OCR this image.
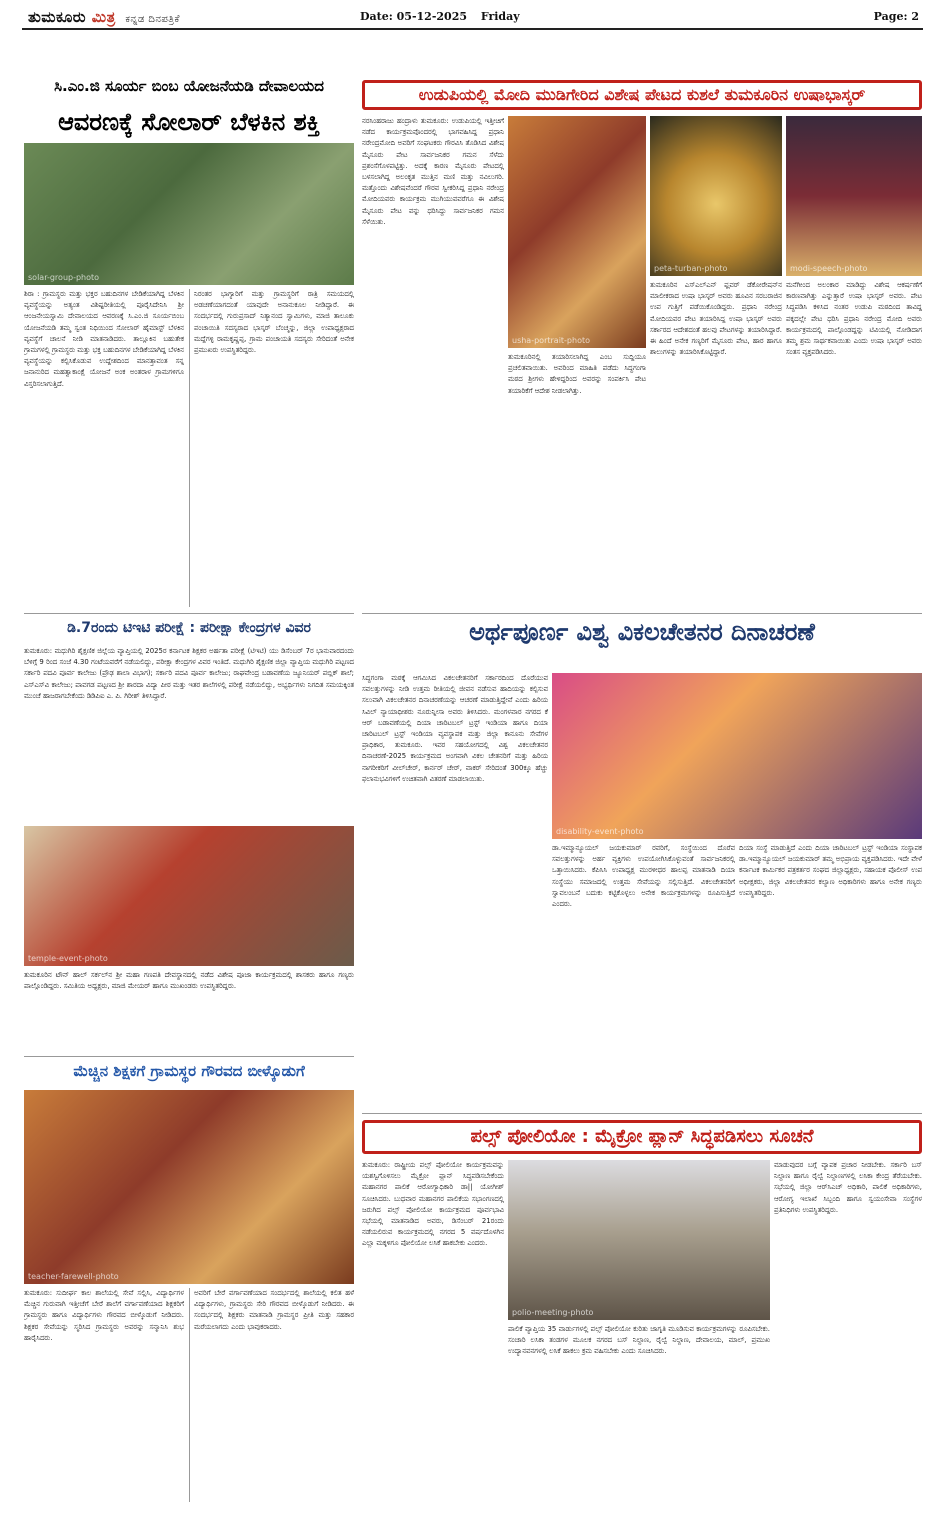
ತುಮಕೂರು ಮಿತ್ರ ಕನ್ನಡ ದಿನಪತ್ರಿಕೆ	Date: 05-12-2025 Friday	Page: 2
ಸಿ.ಎಂ.ಜಿ ಸೂರ್ಯ ಬಿಂಬ ಯೋಜನೆಯಡಿ ದೇವಾಲಯದ
ಆವರಣಕ್ಕೆ ಸೋಲಾರ್ ಬೆಳಕಿನ ಶಕ್ತಿ
solar-group-photo
ಶಿರಾ : ಗ್ರಾಮಸ್ಥರು ಮತ್ತು ಭಕ್ತರ ಬಹುದಿನಗಳ ಬೇಡಿಕೆಯಾಗಿದ್ದ ಬೆಳಕಿನ ವ್ಯವಸ್ಥೆಯನ್ನು ಅತ್ಯಂತ ವಿಶಿಷ್ಟರೀತಿಯಲ್ಲಿ ಪೂರೈಸಿದೇನಿಸಿ ಶ್ರೀ ಆಂಜನೇಯಸ್ವಾಮಿ ದೇವಾಲಯದ ಆವರಣಕ್ಕೆ ಸಿ.ಎಂ.ಜಿ ಸೂರ್ಯಬಿಂಬ ಯೋಜನೆಯಡಿ ತಮ್ಮ ಸ್ವಂತ ನಿಧಿಯಿಂದ ಸೋಲಾರ್ ಹೈಮಾಸ್ಟ್ ಬೆಳಕಿನ ವ್ಯವಸ್ಥೆಗೆ ಚಾಲನೆ ನೀಡಿ ಮಾತನಾಡಿದರು. ತಾಲ್ಲೂಕಿನ ಬಹುತೇಕ ಗ್ರಾಮಗಳಲ್ಲಿ ಗ್ರಾಮಸ್ಥರು ಮತ್ತು ಭಕ್ತ ಬಹುದಿನಗಳ ಬೇಡಿಕೆಯಾಗಿದ್ದ ಬೆಳಕಿನ ವ್ಯವಸ್ಥೆಯನ್ನು ಕಲ್ಪಿಸಿಕೊಡುವ ಉದ್ದೇಶದಿಂದ ಮಾನತ್ತಾವಂತ ಸನ್ನ ಜನಾನುರಿದ ಮಹತ್ವಾಕಾಂಕ್ಷೆ ಯೋಜನೆ ಅಂಕ ಅಂತರಾಳ ಗ್ರಾಮಗಳಿಗೂ ವಿಸ್ತರಿಸಲಾಗುತ್ತಿದೆ.
ನಿರಂತರ ಭಾಗ್ಯಾರಿಗೆ ಮತ್ತು ಗ್ರಾಮಸ್ಥರಿಗೆ ರಾತ್ರಿ ಸಮಯದಲ್ಲಿ ಅಡಚಣೆಯಾಗದಂತೆ ಯಾವುದೇ ಅನಾನುಕೂಲ ನೀಡಿದ್ದಾರೆ. ಈ ಸಂದರ್ಭದಲ್ಲಿ ಗುರುಪ್ರಸಾದ್ ನಿತ್ಯಾನಂದ ಸ್ವಾಮಿಗಳು, ಮಾಜಿ ತಾಲೂಕು ಪಂಚಾಯಿತಿ ಸದಸ್ಯರಾದ ಭಾಸ್ಕರ್ ಬೆಂಚ್ಮನ್ನು, ಜಿಲ್ಲಾ ಉಪಾಧ್ಯಕ್ಷರಾದ ಮದ್ದೆಗಳ್ಳಿ ರಾಮಕೃಷ್ಣಪ್ಪ, ಗ್ರಾಮ ಪಂಚಾಯತಿ ಸದಸ್ಯರು ಸೇರಿದಂತೆ ಅನೇಕ ಪ್ರಮುಖರು ಉಪಸ್ಥಿತರಿದ್ದರು.
ಉಡುಪಿಯಲ್ಲಿ ಮೋದಿ ಮುಡಿಗೇರಿದ ವಿಶೇಷ ಪೇಟದ ಕುಶಲೆ ತುಮಕೂರಿನ ಉಷಾಭಾಸ್ಕರ್
ನರಸಿಂಹರಾಜು ಹಂದ್ರಾಳು ತುಮಕೂರು: ಉಡುಪಿಯಲ್ಲಿ ಇತ್ತೀಚಿಗೆ ನಡೆದ ಕಾರ್ಯಕ್ರಮವೊಂದರಲ್ಲಿ ಭಾಗವಹಿಸಿದ್ದ ಪ್ರಧಾನಿ ನರೇಂದ್ರಮೋದಿ ಅವರಿಗೆ ಸಂಘಟಕರು ಗೌರವಿಸಿ ತೊಡಿಸಿದ ವಿಶೇಷ ಮೈಸೂರು ಪೇಟ ಸಾರ್ವಜನಿಕರ ಗಮನ ಸೆಳೆದು ಪ್ರಶಂಸೆಗೊಳಪಟ್ಟಿತ್ತು. ಅದಕ್ಕೆ ಕಾರಣ ಮೈಸೂರು ಪೇಟದಲ್ಲಿ ಬಳಸಲಾಗಿದ್ದ ಅಲಂಕೃತ ಮುತ್ತಿನ ಮಣಿ ಮತ್ತು ನವಿಲುಗರಿ. ಮತ್ತೊಂದು ವಿಶೇಷವೆಂದರೆ ಗೌರವ ಸ್ವೀಕರಿಸಿದ್ದ ಪ್ರಧಾನಿ ನರೇಂದ್ರ ಮೋದಿಯವರು ಕಾರ್ಯಕ್ರಮ ಮುಗಿಯುವವರೆಗೂ ಈ ವಿಶೇಷ ಮೈಸೂರು ಪೇಟ ವನ್ನು ಧರಿಸಿದ್ದು ಸಾರ್ವಜನಿಕರ ಗಮನ ಸೆಳೆಯಿತು.
usha-portrait-photo
ತುಮಕೂರಿನಲ್ಲಿ ತಯಾರಿಸಲಾಗಿದ್ದ ಎಂಬ ಸುದ್ದಿಯೂ ಪ್ರಚಲಿತವಾಯಿತು. ಅವರಿಂದ ಮಾಹಿತಿ ಪಡೆದು ಸಿದ್ಧಗಂಗಾ ಮಠದ ಶ್ರೀಗಳು ಹೇಳಿದ್ದರಿಂದ ಅವರನ್ನು ಸಂಪರ್ಕಿಸಿ ಪೇಟ ತಯಾರಿಕೆಗೆ ಆದೇಶ ನೀಡಲಾಗಿತ್ತು.
peta-turban-photo
ತುಮಕೂರಿನ ಎಸ್‌ಎಲ್‌ಎನ್ ಫ್ಲವರ್ ಡೆಕೋರೇಷನ್‌ನ ಮಾಲೀಕರಾದ ಉಷಾ ಭಾಸ್ಕರ್ ಅವರು ಹೂವಿನ ಸರಬರಾಜಿನ ಉಪ ಗುತ್ತಿಗೆ ಪಡೆಯಿಕೊಂಡಿದ್ದರು. ಪ್ರಧಾನಿ ನರೇಂದ್ರ ಮೋದಿಯವರ ಪೇಟ ತಯಾರಿಸಿದ್ದ ಉಷಾ ಭಾಸ್ಕರ್ ಅವರು ಸರ್ಕಾರದ ಆದೇಶದಂತೆ ಹಲವು ಪೇಟಗಳನ್ನು ತಯಾರಿಸಿದ್ದಾರೆ. ಈ ಹಿಂದೆ ಅನೇಕ ಗಣ್ಯರಿಗೆ ಮೈಸೂರು ಪೇಟ, ಹಾರ ಹಾಗೂ ಶಾಲುಗಳನ್ನು ತಯಾರಿಸಿಕೊಟ್ಟಿದ್ದಾರೆ.
modi-speech-photo
ಮನೆಗೀಂದ ಅಲಂಕಾರ ಮಾಡಿದ್ದು ವಿಶೇಷ ಆಕರ್ಷಣೆಗೆ ಕಾರಣವಾಗಿತ್ತು ಎನ್ನುತ್ತಾರೆ ಉಷಾ ಭಾಸ್ಕರ್ ಅವರು. ಪೇಟ ಸಿದ್ಧಪಡಿಸಿ ಕಳಿಸಿದ ನಂತರ ಉಡುಪಿ ಮಠದಿಂದ ತಾವಿದ್ದ ಪಕ್ಕದಲ್ಲೇ ಪೇಟ ಧರಿಸಿ ಪ್ರಧಾನಿ ನರೇಂದ್ರ ಮೋದಿ ಅವರು ಕಾರ್ಯಕ್ರಮದಲ್ಲಿ ಪಾಲ್ಗೊಂಡದ್ದನ್ನು ಟಿವಿಯಲ್ಲಿ ನೋಡಿದಾಗ ತಮ್ಮ ಶ್ರಮ ಸಾರ್ಥಕವಾಯಿತು ಎಂದು ಉಷಾ ಭಾಸ್ಕರ್ ಅವರು ಸಂತಸ ವ್ಯಕ್ತಪಡಿಸಿದರು.
ಡಿ.7ರಂದು ಟಿಇಟಿ ಪರೀಕ್ಷೆ : ಪರೀಕ್ಷಾ ಕೇಂದ್ರಗಳ ವಿವರ
ತುಮಕೂರು: ಮಧುಗಿರಿ ಶೈಕ್ಷಣಿಕ ಜಿಲ್ಲೆಯ ವ್ಯಾಪ್ತಿಯಲ್ಲಿ 2025ರ ಕರ್ನಾಟಕ ಶಿಕ್ಷಕರ ಅರ್ಹತಾ ಪರೀಕ್ಷೆ (ಟಿಇಟಿ) ಯು ಡಿಸೆಂಬರ್ 7ರ ಭಾನುವಾರದಂದು ಬೆಳಿಗ್ಗೆ 9 ರಿಂದ ಸಂಜೆ 4.30 ಗಂಟೆಯವರೆಗೆ ನಡೆಯಲಿದ್ದು, ಪರೀಕ್ಷಾ ಕೇಂದ್ರಗಳ ವಿವರ ಇಂತಿದೆ. ಮಧುಗಿರಿ ಶೈಕ್ಷಣಿಕ ಜಿಲ್ಲಾ ವ್ಯಾಪ್ತಿಯ ಮಧುಗಿರಿ ಪಟ್ಟಣದ ಸರ್ಕಾರಿ ಪದವಿ ಪೂರ್ವ ಕಾಲೇಜು (ಪ್ರೌಢ ಶಾಲಾ ವಿಭಾಗ); ಸರ್ಕಾರಿ ಪದವಿ ಪೂರ್ವ ಕಾಲೇಜು; ರಾಘವೇಂದ್ರ ಬಡಾವಣೆಯ ಜ್ಯೂನಿಯರ್ ಪಬ್ಲಿಕ್ ಶಾಲೆ; ಎಸ್‌ಎಸ್‌ವಿ ಕಾಲೇಜು; ಪಾವಗಡ ಪಟ್ಟಣದ ಶ್ರೀ ಶಾರದಾ ವಿದ್ಯಾ ಪೀಠ ಮತ್ತು ಇತರ ಶಾಲೆಗಳಲ್ಲಿ ಪರೀಕ್ಷೆ ನಡೆಯಲಿದ್ದು, ಅಭ್ಯರ್ಥಿಗಳು ನಿಗದಿತ ಸಮಯಕ್ಕಿಂತ ಮುಂಚೆ ಹಾಜರಾಗಬೇಕೆಂದು ಡಿಡಿಪಿಐ ಎ. ಪಿ. ಗಿರೀಶ್ ತಿಳಿಸಿದ್ದಾರೆ.
temple-event-photo
ತುಮಕೂರಿನ ಟೌನ್ ಹಾಲ್ ಸರ್ಕಲ್‌ನ ಶ್ರೀ ಮಹಾ ಗಣಪತಿ ದೇವಸ್ಥಾನದಲ್ಲಿ ನಡೆದ ವಿಶೇಷ ಪೂಜಾ ಕಾರ್ಯಕ್ರಮದಲ್ಲಿ ಶಾಸಕರು ಹಾಗೂ ಗಣ್ಯರು ಪಾಲ್ಗೊಂಡಿದ್ದರು. ಸಮಿತಿಯ ಅಧ್ಯಕ್ಷರು, ಮಾಜಿ ಮೇಯರ್ ಹಾಗೂ ಮುಖಂಡರು ಉಪಸ್ಥಿತರಿದ್ದರು.
ಅರ್ಥಪೂರ್ಣ ವಿಶ್ವ ವಿಕಲಚೇತನರ ದಿನಾಚರಣೆ
ಸಿದ್ಧಗಂಗಾ ಮಠಕ್ಕೆ ಆಗಮಿಸಿದ ವಿಕಲಚೇತನರಿಗೆ ಸರ್ಕಾರದಿಂದ ದೊರೆಯುವ ಸವಲತ್ತುಗಳನ್ನು ನೀಡಿ ಉತ್ತಮ ರೀತಿಯಲ್ಲಿ ಜೀವನ ನಡೆಸುವ ಹಾದಿಯನ್ನು ಕಲ್ಪಿಸುವ ಸಲುವಾಗಿ ವಿಕಲಚೇತನರ ದಿನಾಚರಣೆಯನ್ನು ಆಚರಣೆ ಮಾಡುತ್ತಿದ್ದೇವೆ ಎಂದು ಹಿರಿಯ ಸಿವಿಲ್ ನ್ಯಾಯಾಧೀಶರು ನೂರುನ್ನೀಸಾ ಅವರು ತಿಳಿಸಿದರು. ಮಂಗಳವಾರ ನಗರದ ಕೆ ಆರ್ ಬಡಾವಣೆಯಲ್ಲಿ ದಿಯಾ ಚಾರಿಟಬಲ್ ಟ್ರಸ್ಟ್ ಇಂಡಿಯಾ ಹಾಗೂ ದಿಯಾ ಚಾರಿಟಬಲ್ ಟ್ರಸ್ಟ್ ಇಂಡಿಯಾ ವ್ಯವಸ್ಥಾಪಕ ಮತ್ತು ಜಿಲ್ಲಾ ಕಾನೂನು ಸೇವೆಗಳ ಪ್ರಾಧಿಕಾರ, ತುಮಕೂರು. ಇವರ ಸಹಯೋಗದಲ್ಲಿ ವಿಶ್ವ ವಿಕಲಚೇತನರ ದಿನಾಚರಣೆ-2025 ಕಾರ್ಯಕ್ರಮದ ಅಂಗವಾಗಿ ವಿಕಲ ಚೇತನರಿಗೆ ಮತ್ತು ಹಿರಿಯ ನಾಗರೀಕರಿಗೆ ವೀಲ್‌ಚೇರ್, ಕಾರ್ನರ್ ಚೇರ್, ವಾಕರ್ ಸೇರಿದಂತೆ 300ಕ್ಕೂ ಹೆಚ್ಚು ಫಲಾನುಭವಿಗಳಿಗೆ ಉಚಿತವಾಗಿ ವಿತರಣೆ ಮಾಡಲಾಯಿತು.
disability-event-photo
ಡಾ.ಇಮ್ಮಾನ್ಯೂಯಲ್ ಜಯಕುಮಾರ್ ರವರಿಗೆ, ಸಂಸ್ಥೆಯಿಂದ ದೊರೆವ ಸವಲತ್ತುಗಳನ್ನು ಅರ್ಹ ವ್ಯಕ್ತಿಗಳು ಉಪಯೋಗಿಸಿಕೊಳ್ಳುವಂತೆ ಸಾರ್ವಜನಿಕರಲ್ಲಿ ಒತ್ತಾಯಿಸಿದರು. ಕೆಪಿಸಿಸಿ ಉಪಾಧ್ಯಕ್ಷ ಮುರಳೀಧರ ಹಾಲಪ್ಪ ಮಾತನಾಡಿ ದಿಯಾ ಸಂಸ್ಥೆಯು ಸಮಾಜದಲ್ಲಿ ಉತ್ತಮ ಸೇವೆಯನ್ನು ಸಲ್ಲಿಸುತ್ತಿದೆ. ವಿಕಲಚೇತನರಿಗೆ ಸ್ವಾವಲಂಬನೆ ಬದುಕು ಕಟ್ಟಿಕೊಳ್ಳಲು ಅನೇಕ ಕಾರ್ಯಕ್ರಮಗಳನ್ನು ರೂಪಿಸುತ್ತಿದೆ ಎಂದರು.
ದಿಯಾ ಸಂಸ್ಥೆ ಮಾಡುತ್ತಿದೆ ಎಂದು ದಿಯಾ ಚಾರಿಟಬಲ್ ಟ್ರಸ್ಟ್ ಇಂಡಿಯಾ ಸಂಸ್ಥಾಪಕ ಡಾ.ಇಮ್ಮಾನ್ಯೂಯಲ್ ಜಯಕುಮಾರ್ ತಮ್ಮ ಅಭಿಪ್ರಾಯ ವ್ಯಕ್ತಪಡಿಸಿದರು. ಇದೇ ವೇಳೆ ಕರ್ನಾಟಕ ಕಾರ್ಮಿಕರ ಪತ್ರಕರ್ತರ ಸಂಘದ ಜಿಲ್ಲಾಧ್ಯಕ್ಷರು, ಸಹಾಯಕ ಪೊಲೀಸ್ ಉಪ ಅಧೀಕ್ಷಕರು, ಜಿಲ್ಲಾ ವಿಕಲಚೇತನರ ಕಲ್ಯಾಣ ಅಧಿಕಾರಿಗಳು ಹಾಗೂ ಅನೇಕ ಗಣ್ಯರು ಉಪಸ್ಥಿತರಿದ್ದರು.
ಮೆಚ್ಚಿನ ಶಿಕ್ಷಕಗೆ ಗ್ರಾಮಸ್ಥರ ಗೌರವದ ಬೀಳ್ಕೊಡುಗೆ
teacher-farewell-photo
ತುಮಕೂರು: ಸುದೀರ್ಘ ಕಾಲ ಶಾಲೆಯಲ್ಲಿ ಸೇವೆ ಸಲ್ಲಿಸಿ, ವಿದ್ಯಾರ್ಥಿಗಳ ಮೆಚ್ಚಿನ ಗುರುವಾಗಿ ಇತ್ತೀಚೆಗೆ ಬೇರೆ ಶಾಲೆಗೆ ವರ್ಗಾವಣೆಯಾದ ಶಿಕ್ಷಕರಿಗೆ ಗ್ರಾಮಸ್ಥರು ಹಾಗೂ ವಿದ್ಯಾರ್ಥಿಗಳು ಗೌರವದ ಬೀಳ್ಕೊಡುಗೆ ನೀಡಿದರು. ಶಿಕ್ಷಕರ ಸೇವೆಯನ್ನು ಸ್ಮರಿಸಿದ ಗ್ರಾಮಸ್ಥರು ಅವರನ್ನು ಸನ್ಮಾನಿಸಿ ಶುಭ ಹಾರೈಸಿದರು.
ಅವರಿಗೆ ಬೇರೆ ವರ್ಗಾವಣೆಯಾದ ಸಂದರ್ಭದಲ್ಲಿ ಶಾಲೆಯಲ್ಲಿ ಕಲಿತ ಹಳೆ ವಿದ್ಯಾರ್ಥಿಗಳು, ಗ್ರಾಮಸ್ಥರು ಸೇರಿ ಗೌರವದ ಬೀಳ್ಕೊಡುಗೆ ನೀಡಿದರು. ಈ ಸಂದರ್ಭದಲ್ಲಿ ಶಿಕ್ಷಕರು ಮಾತನಾಡಿ ಗ್ರಾಮಸ್ಥರ ಪ್ರೀತಿ ಮತ್ತು ಸಹಕಾರ ಮರೆಯಲಾಗದು ಎಂದು ಭಾವುಕರಾದರು.
ಪಲ್ಸ್ ಪೋಲಿಯೋ : ಮೈಕ್ರೋ ಪ್ಲಾನ್ ಸಿದ್ಧಪಡಿಸಲು ಸೂಚನೆ
ತುಮಕೂರು: ರಾಷ್ಟ್ರೀಯ ಪಲ್ಸ್ ಪೋಲಿಯೋ ಕಾರ್ಯಕ್ರಮವನ್ನು ಯಶಸ್ವಿಗೊಳಿಸಲು ಮೈಕ್ರೋ ಪ್ಲಾನ್ ಸಿದ್ಧಪಡಿಸಬೇಕೆಂದು ಮಹಾನಗರ ಪಾಲಿಕೆ ಆರೋಗ್ಯಾಧಿಕಾರಿ ಡಾ|| ಯೋಗೀಶ್ ಸೂಚಿಸಿದರು. ಬುಧವಾರ ಮಹಾನಗರ ಪಾಲಿಕೆಯ ಸಭಾಂಗಣದಲ್ಲಿ ಜರುಗಿದ ಪಲ್ಸ್ ಪೋಲಿಯೋ ಕಾರ್ಯಕ್ರಮದ ಪೂರ್ವಭಾವಿ ಸಭೆಯಲ್ಲಿ ಮಾತನಾಡಿದ ಅವರು, ಡಿಸೆಂಬರ್ 21ರಂದು ನಡೆಯಲಿರುವ ಕಾರ್ಯಕ್ರಮದಲ್ಲಿ ನಗರದ 5 ವರ್ಷದೊಳಗಿನ ಎಲ್ಲಾ ಮಕ್ಕಳಿಗೂ ಪೋಲಿಯೋ ಲಸಿಕೆ ಹಾಕಬೇಕು ಎಂದರು.
polio-meeting-photo
ಪಾಲಿಕೆ ವ್ಯಾಪ್ತಿಯ 35 ವಾರ್ಡುಗಳಲ್ಲಿ ಪಲ್ಸ್ ಪೋಲಿಯೋ ಕುರಿತು ಜಾಗೃತಿ ಮೂಡಿಸುವ ಕಾರ್ಯಕ್ರಮಗಳನ್ನು ರೂಪಿಸಬೇಕು. ಸಂಚಾರಿ ಲಸಿಕಾ ತಂಡಗಳ ಮೂಲಕ ನಗರದ ಬಸ್ ನಿಲ್ದಾಣ, ರೈಲ್ವೆ ನಿಲ್ದಾಣ, ದೇವಾಲಯ, ಮಾಲ್, ಪ್ರಮುಖ ಉದ್ಯಾನವನಗಳಲ್ಲಿ ಲಸಿಕೆ ಹಾಕಲು ಕ್ರಮ ವಹಿಸಬೇಕು ಎಂದು ಸೂಚಿಸಿದರು.
ಮಾಡುವುದರ ಬಗ್ಗೆ ವ್ಯಾಪಕ ಪ್ರಚಾರ ನೀಡಬೇಕು. ಸರ್ಕಾರಿ ಬಸ್ ನಿಲ್ದಾಣ ಹಾಗೂ ರೈಲ್ವೆ ನಿಲ್ದಾಣಗಳಲ್ಲಿ ಲಸಿಕಾ ಕೇಂದ್ರ ತೆರೆಯಬೇಕು. ಸಭೆಯಲ್ಲಿ ಜಿಲ್ಲಾ ಆರ್‌ಸಿಎಚ್ ಅಧಿಕಾರಿ, ಪಾಲಿಕೆ ಅಧಿಕಾರಿಗಳು, ಆರೋಗ್ಯ ಇಲಾಖೆ ಸಿಬ್ಬಂದಿ ಹಾಗೂ ಸ್ವಯಂಸೇವಾ ಸಂಸ್ಥೆಗಳ ಪ್ರತಿನಿಧಿಗಳು ಉಪಸ್ಥಿತರಿದ್ದರು.
